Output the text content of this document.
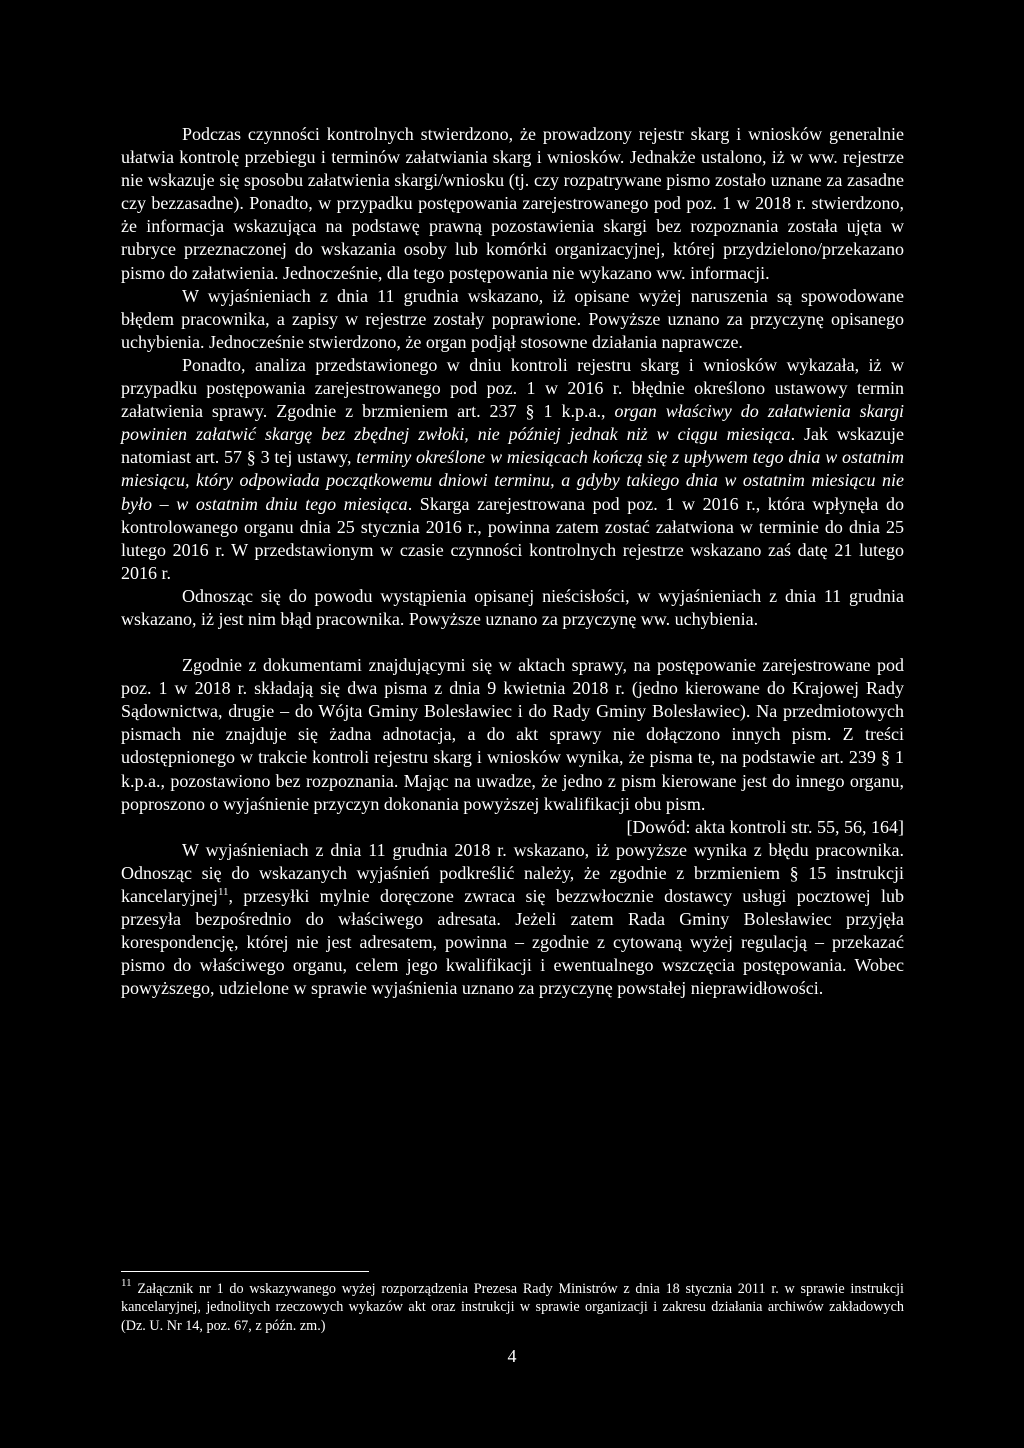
Podczas czynności kontrolnych stwierdzono, że prowadzony rejestr skarg i wniosków generalnie ułatwia kontrolę przebiegu i terminów załatwiania skarg i wniosków. Jednakże ustalono, iż w ww. rejestrze nie wskazuje się sposobu załatwienia skargi/wniosku (tj. czy rozpatrywane pismo zostało uznane za zasadne czy bezzasadne). Ponadto, w przypadku postępowania zarejestrowanego pod poz. 1 w 2018 r. stwierdzono, że informacja wskazująca na podstawę prawną pozostawienia skargi bez rozpoznania została ujęta w rubryce przeznaczonej do wskazania osoby lub komórki organizacyjnej, której przydzielono/przekazano pismo do załatwienia. Jednocześnie, dla tego postępowania nie wykazano ww. informacji.

W wyjaśnieniach z dnia 11 grudnia wskazano, iż opisane wyżej naruszenia są spowodowane błędem pracownika, a zapisy w rejestrze zostały poprawione. Powyższe uznano za przyczynę opisanego uchybienia. Jednocześnie stwierdzono, że organ podjął stosowne działania naprawcze.

Ponadto, analiza przedstawionego w dniu kontroli rejestru skarg i wniosków wykazała, iż w przypadku postępowania zarejestrowanego pod poz. 1 w 2016 r. błędnie określono ustawowy termin załatwienia sprawy. Zgodnie z brzmieniem art. 237 § 1 k.p.a., organ właściwy do załatwienia skargi powinien załatwić skargę bez zbędnej zwłoki, nie później jednak niż w ciągu miesiąca. Jak wskazuje natomiast art. 57 § 3 tej ustawy, terminy określone w miesiącach kończą się z upływem tego dnia w ostatnim miesiącu, który odpowiada początkowemu dniowi terminu, a gdyby takiego dnia w ostatnim miesiącu nie było – w ostatnim dniu tego miesiąca. Skarga zarejestrowana pod poz. 1 w 2016 r., która wpłynęła do kontrolowanego organu dnia 25 stycznia 2016 r., powinna zatem zostać załatwiona w terminie do dnia 25 lutego 2016 r. W przedstawionym w czasie czynności kontrolnych rejestrze wskazano zaś datę 21 lutego 2016 r.

Odnosząc się do powodu wystąpienia opisanej nieścisłości, w wyjaśnieniach z dnia 11 grudnia wskazano, iż jest nim błąd pracownika. Powyższe uznano za przyczynę ww. uchybienia.

Zgodnie z dokumentami znajdującymi się w aktach sprawy, na postępowanie zarejestrowane pod poz. 1 w 2018 r. składają się dwa pisma z dnia 9 kwietnia 2018 r. (jedno kierowane do Krajowej Rady Sądownictwa, drugie – do Wójta Gminy Bolesławiec i do Rady Gminy Bolesławiec). Na przedmiotowych pismach nie znajduje się żadna adnotacja, a do akt sprawy nie dołączono innych pism. Z treści udostępnionego w trakcie kontroli rejestru skarg i wniosków wynika, że pisma te, na podstawie art. 239 § 1 k.p.a., pozostawiono bez rozpoznania. Mając na uwadze, że jedno z pism kierowane jest do innego organu, poproszono o wyjaśnienie przyczyn dokonania powyższej kwalifikacji obu pism.

[Dowód: akta kontroli str. 55, 56, 164]

W wyjaśnieniach z dnia 11 grudnia 2018 r. wskazano, iż powyższe wynika z błędu pracownika. Odnosząc się do wskazanych wyjaśnień podkreślić należy, że zgodnie z brzmieniem § 15 instrukcji kancelaryjnej$^{11}$, przesyłki mylnie doręczone zwraca się bezzwłocznie dostawcy usługi pocztowej lub przesyła bezpośrednio do właściwego adresata. Jeżeli zatem Rada Gminy Bolesławiec przyjęła korespondencję, której nie jest adresatem, powinna – zgodnie z cytowaną wyżej regulacją – przekazać pismo do właściwego organu, celem jego kwalifikacji i ewentualnego wszczęcia postępowania. Wobec powyższego, udzielone w sprawie wyjaśnienia uznano za przyczynę powstałej nieprawidłowości.

$^{11}$ Załącznik nr 1 do wskazywanego wyżej rozporządzenia Prezesa Rady Ministrów z dnia 18 stycznia 2011 r. w sprawie instrukcji kancelaryjnej, jednolitych rzeczowych wykazów akt oraz instrukcji w sprawie organizacji i zakresu działania archiwów zakładowych (Dz. U. Nr 14, poz. 67, z późn. zm.)

4
